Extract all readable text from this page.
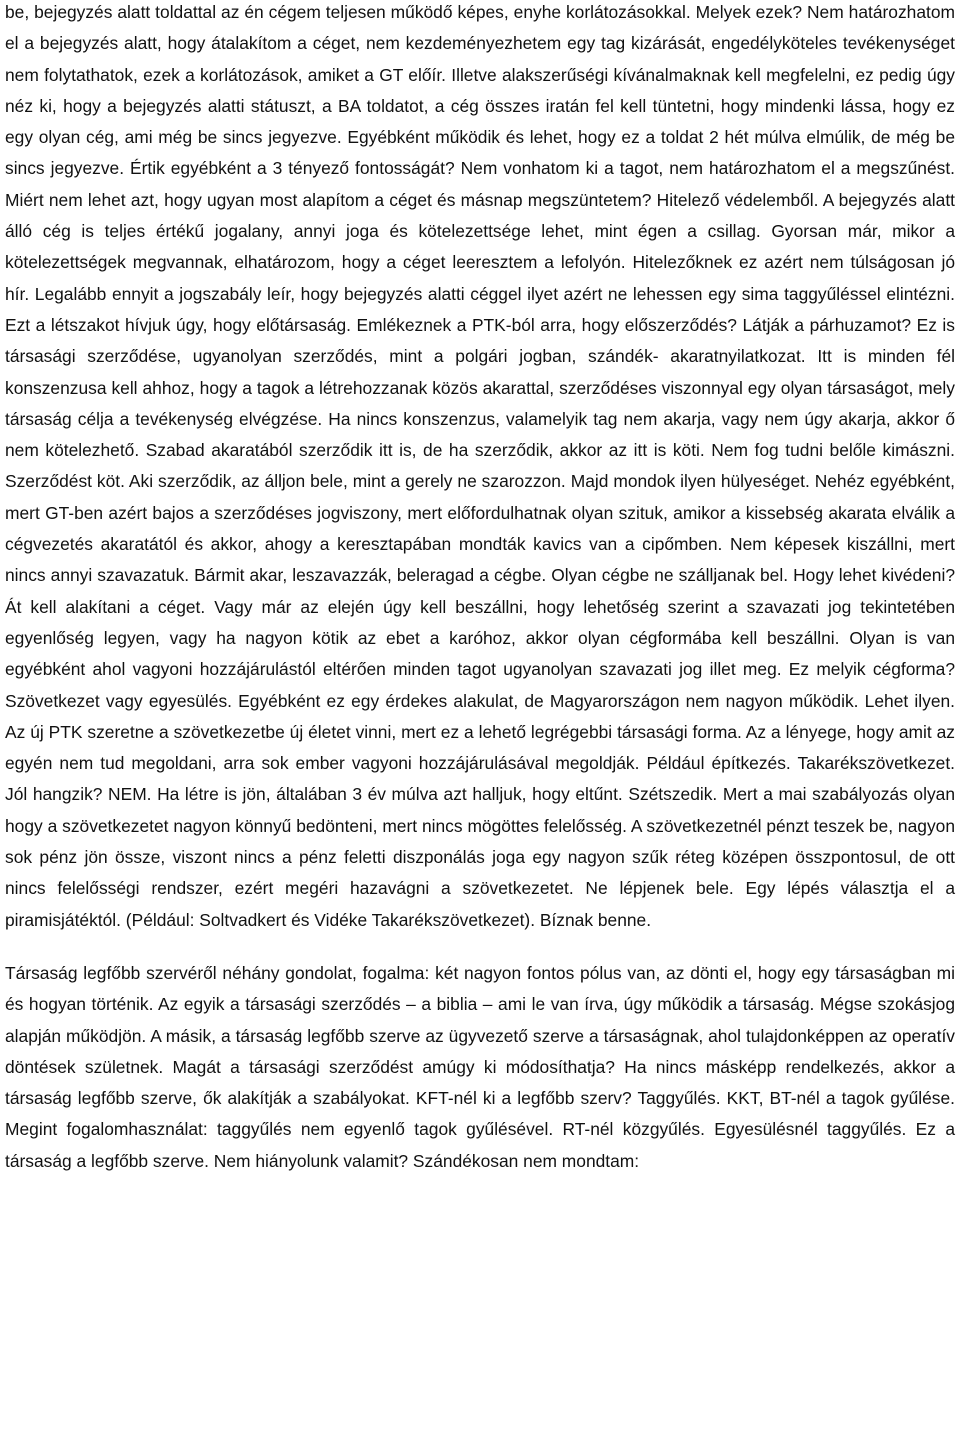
be, bejegyzés alatt toldattal az én cégem teljesen működő képes, enyhe korlátozásokkal. Melyek ezek? Nem határozhatom el a bejegyzés alatt, hogy átalakítom a céget, nem kezdeményezhetem egy tag kizárását, engedélyköteles tevékenységet nem folytathatok, ezek a korlátozások, amiket a GT előír. Illetve alakszerűségi kívánalmaknak kell megfelelni, ez pedig úgy néz ki, hogy a bejegyzés alatti státuszt, a BA toldatot, a cég összes iratán fel kell tüntetni, hogy mindenki lássa, hogy ez egy olyan cég, ami még be sincs jegyezve. Egyébként működik és lehet, hogy ez a toldat 2 hét múlva elmúlik, de még be sincs jegyezve. Értik egyébként a 3 tényező fontosságát? Nem vonhatom ki a tagot, nem határozhatom el a megszűnést. Miért nem lehet azt, hogy ugyan most alapítom a céget és másnap megszüntetem? Hitelező védelemből. A bejegyzés alatt álló cég is teljes értékű jogalany, annyi joga és kötelezettsége lehet, mint égen a csillag. Gyorsan már, mikor a kötelezettségek megvannak, elhatározom, hogy a céget leeresztem a lefolyón. Hitelezőknek ez azért nem túlságosan jó hír. Legalább ennyit a jogszabály leír, hogy bejegyzés alatti céggel ilyet azért ne lehessen egy sima taggyűléssel elintézni. Ezt a létszakot hívjuk úgy, hogy előtársaság. Emlékeznek a PTK-ból arra, hogy előszerződés? Látják a párhuzamot? Ez is társasági szerződése, ugyanolyan szerződés, mint a polgári jogban, szándék- akaratnyilatkozat. Itt is minden fél konszenzusa kell ahhoz, hogy a tagok a létrehozzanak közös akarattal, szerződéses viszonnyal egy olyan társaságot, mely társaság célja a tevékenység elvégzése. Ha nincs konszenzus, valamelyik tag nem akarja, vagy nem úgy akarja, akkor ő nem kötelezhető. Szabad akaratából szerződik itt is, de ha szerződik, akkor az itt is köti. Nem fog tudni belőle kimászni. Szerződést köt. Aki szerződik, az álljon bele, mint a gerely ne szarozzon. Majd mondok ilyen hülyeséget. Nehéz egyébként, mert GT-ben azért bajos a szerződéses jogviszony, mert előfordulhatnak olyan szituk, amikor a kissebség akarata elválik a cégvezetés akaratától és akkor, ahogy a keresztapában mondták kavics van a cipőmben. Nem képesek kiszállni, mert nincs annyi szavazatuk. Bármit akar, leszavazzák, beleragad a cégbe. Olyan cégbe ne szálljanak bel. Hogy lehet kivédeni? Át kell alakítani a céget. Vagy már az elején úgy kell beszállni, hogy lehetőség szerint a szavazati jog tekintetében egyenlőség legyen, vagy ha nagyon kötik az ebet a karóhoz, akkor olyan cégformába kell beszállni. Olyan is van egyébként ahol vagyoni hozzájárulástól eltérően minden tagot ugyanolyan szavazati jog illet meg. Ez melyik cégforma? Szövetkezet vagy egyesülés. Egyébként ez egy érdekes alakulat, de Magyarországon nem nagyon működik. Lehet ilyen. Az új PTK szeretne a szövetkezetbe új életet vinni, mert ez a lehető legrégebbi társasági forma. Az a lényege, hogy amit az egyén nem tud megoldani, arra sok ember vagyoni hozzájárulásával megoldják. Például építkezés. Takarékszövetkezet. Jól hangzik? NEM. Ha létre is jön, általában 3 év múlva azt halljuk, hogy eltűnt. Szétszedik. Mert a mai szabályozás olyan hogy a szövetkezetet nagyon könnyű bedönteni, mert nincs mögöttes felelősség. A szövetkezetnél pénzt teszek be, nagyon sok pénz jön össze, viszont nincs a pénz feletti diszponálás joga egy nagyon szűk réteg középen összpontosul, de ott nincs felelősségi rendszer, ezért megéri hazavágni a szövetkezetet. Ne lépjenek bele. Egy lépés választja el a piramisjátéktól. (Például: Soltvadkert és Vidéke Takarékszövetkezet). Bíznak benne.

Társaság legfőbb szervéről néhány gondolat, fogalma: két nagyon fontos pólus van, az dönti el, hogy egy társaságban mi és hogyan történik. Az egyik a társasági szerződés – a biblia – ami le van írva, úgy működik a társaság. Mégse szokásjog alapján működjön. A másik, a társaság legfőbb szerve az ügyvezető szerve a társaságnak, ahol tulajdonképpen az operatív döntések születnek. Magát a társasági szerződést amúgy ki módosíthatja? Ha nincs másképp rendelkezés, akkor a társaság legfőbb szerve, ők alakítják a szabályokat. KFT-nél ki a legfőbb szerv? Taggyűlés. KKT, BT-nél a tagok gyűlése. Megint fogalomhasználat: taggyűlés nem egyenlő tagok gyűlésével. RT-nél közgyűlés. Egyesülésnél taggyűlés. Ez a társaság a legfőbb szerve. Nem hiányolunk valamit? Szándékosan nem mondtam:
